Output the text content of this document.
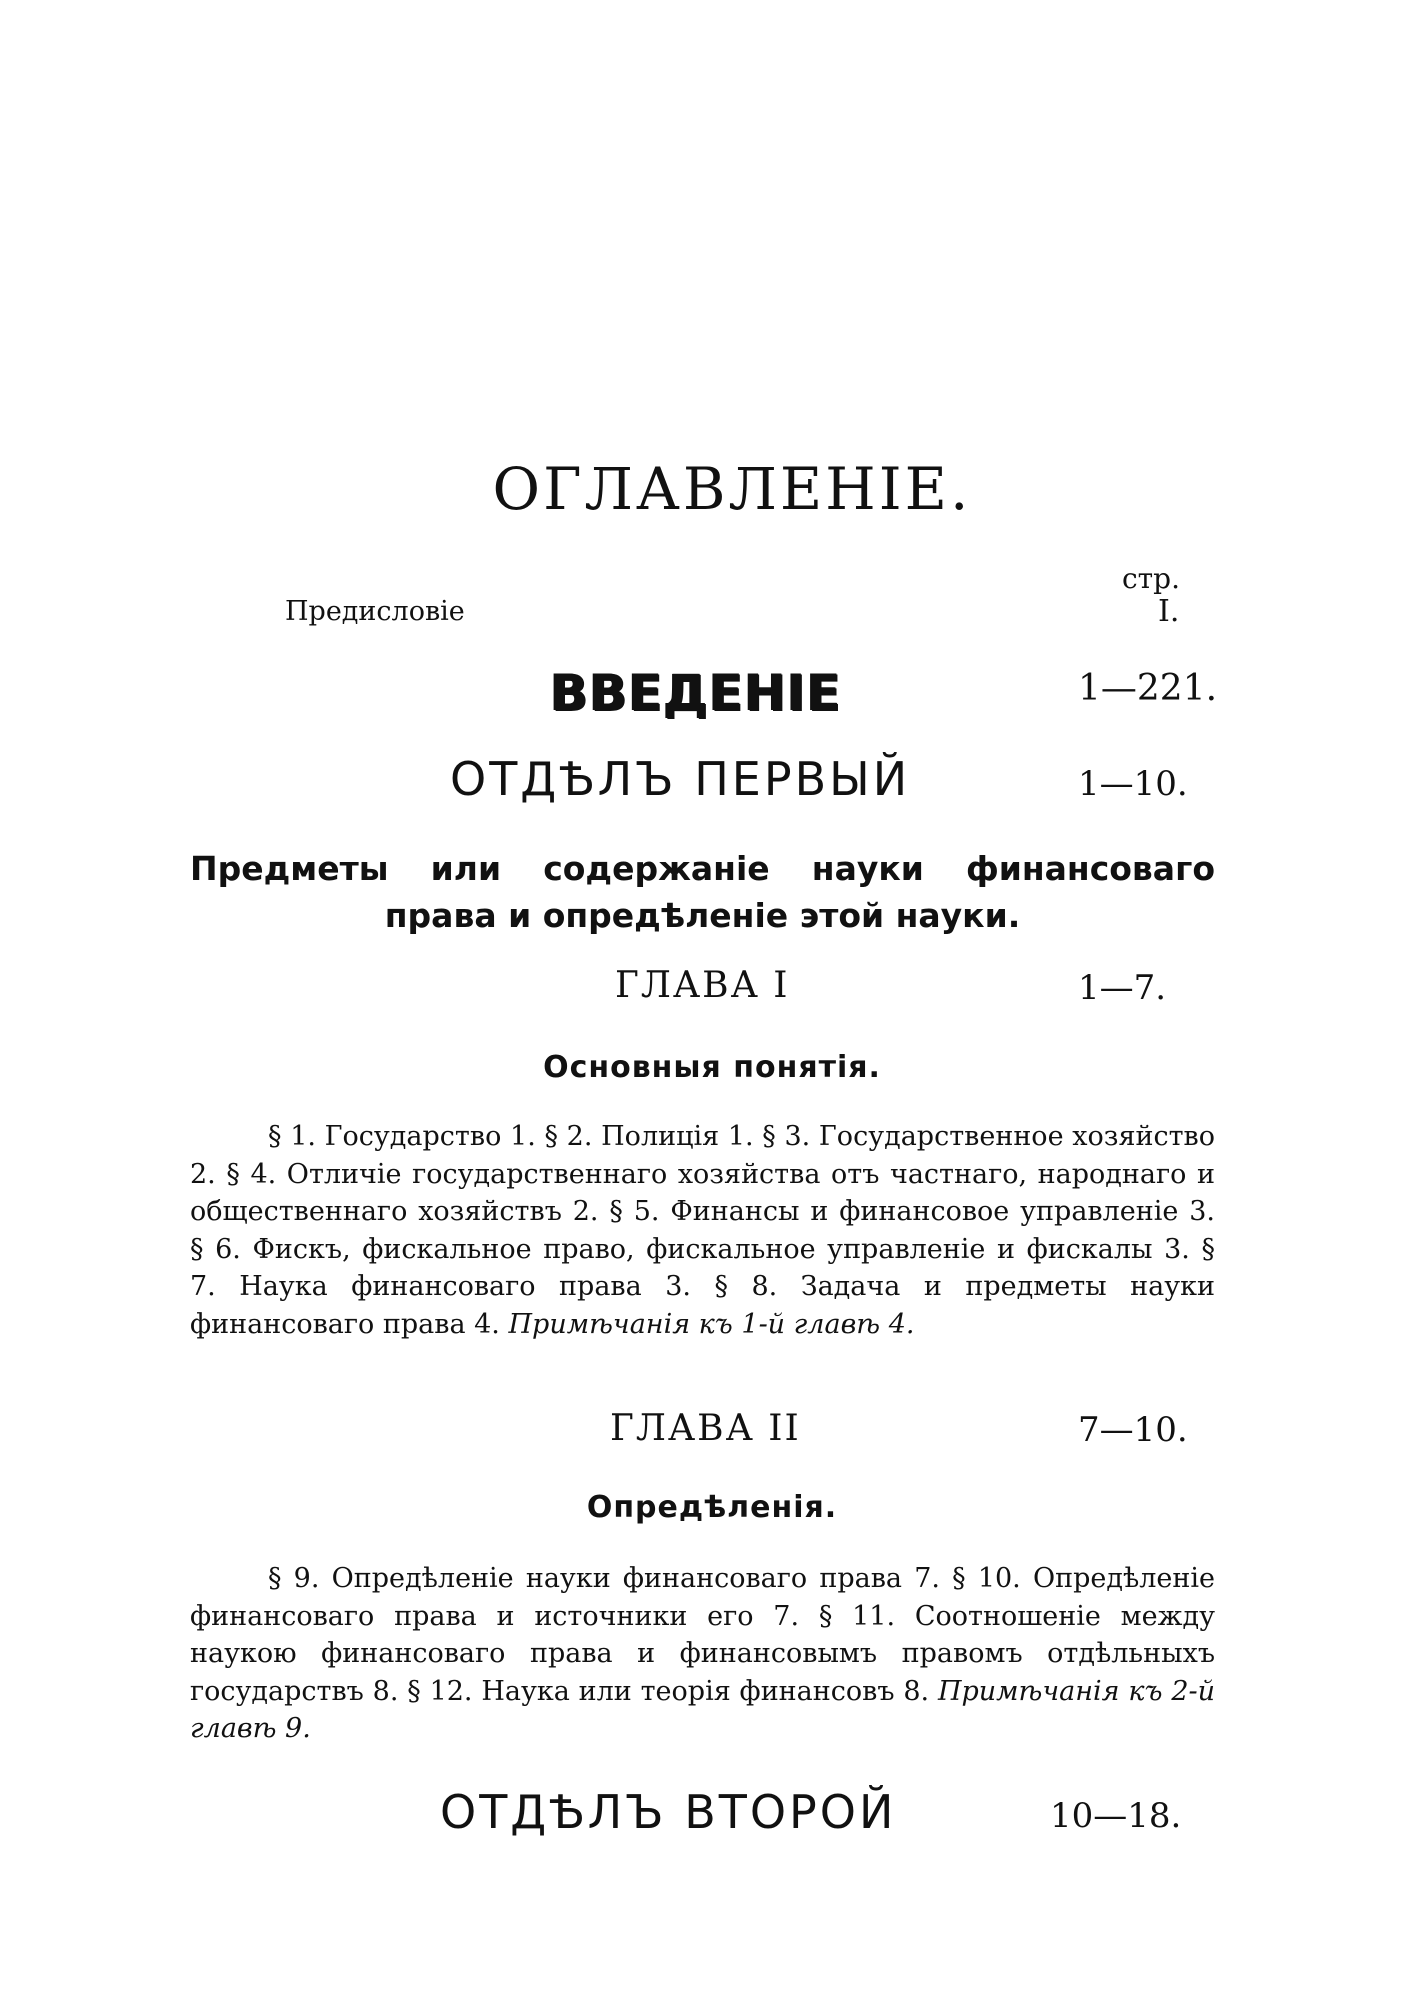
ОГЛАВЛЕНІЕ.
стр.
Предисловіе	I.
ВВЕДЕНІЕ	1—221.
ОТДѢЛЪ ПЕРВЫЙ	1—10.
Предметы или содержаніе науки финансоваго права и опредѣленіе этой науки.
ГЛАВА I	1—7.
Основныя понятія.
§ 1. Государство 1. § 2. Полиція 1. § 3. Государственное хозяйство 2. § 4. Отличіе государственнаго хозяйства отъ частнаго, народнаго и общественнаго хозяйствъ 2. § 5. Финансы и финансовое управленіе 3. § 6. Фискъ, фискальное право, фискальное управленіе и фискалы 3. § 7. Наука финансоваго права 3. § 8. Задача и предметы науки финансоваго права 4. Примѣчанія къ 1-й главѣ 4.
ГЛАВА II	7—10.
Опредѣленія.
§ 9. Опредѣленіе науки финансоваго права 7. § 10. Опредѣленіе финансоваго права и источники его 7. § 11. Соотношеніе между наукою финансоваго права и финансовымъ правомъ отдѣльныхъ государствъ 8. § 12. Наука или теорія финансовъ 8. Примѣчанія къ 2-й главѣ 9.
ОТДѢЛЪ ВТОРОЙ	10—18.
